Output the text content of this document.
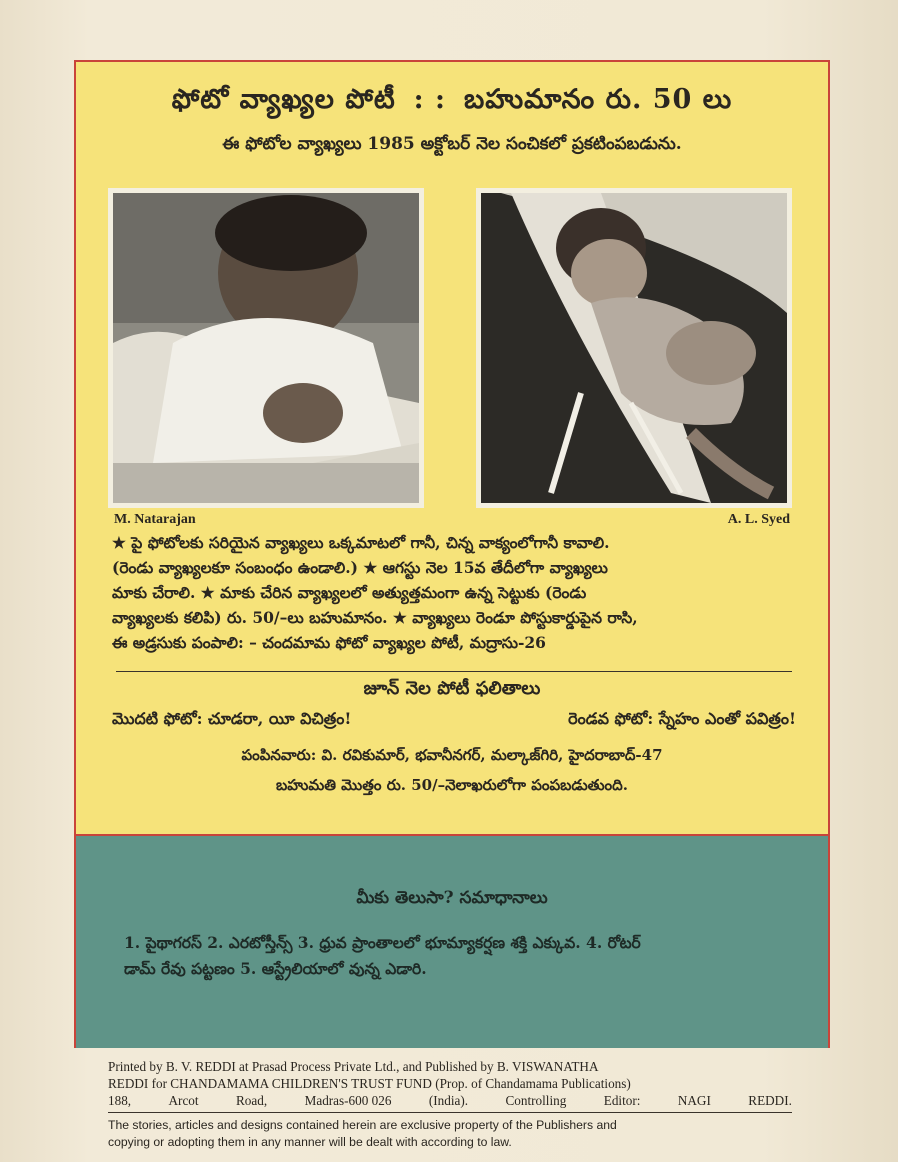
ఫోటో వ్యాఖ్యల పోటీ : : బహుమానం రు. 50 లు
ఈ ఫోటోల వ్యాఖ్యలు 1985 అక్టోబర్ నెల సంచికలో ప్రకటింపబడును.
M. Natarajan	A. L. Syed
★ పై ఫోటోలకు సరియైన వ్యాఖ్యలు ఒక్కమాటలో గానీ, చిన్న వాక్యంలోగానీ కావాలి.
(రెండు వ్యాఖ్యలకూ సంబంధం ఉండాలి.) ★ ఆగస్టు నెల 15వ తేదీలోగా వ్యాఖ్యలు
మాకు చేరాలి. ★ మాకు చేరిన వ్యాఖ్యలలో అత్యుత్తమంగా ఉన్న సెట్టుకు (రెండు
వ్యాఖ్యలకు కలిపి) రు. 50/–లు బహుమానం. ★ వ్యాఖ్యలు రెండూ పోస్టుకార్డుపైన రాసి,
ఈ అడ్రసుకు పంపాలి: – చందమామ ఫోటో వ్యాఖ్యల పోటీ, మద్రాసు-26
జూన్ నెల పోటీ ఫలితాలు
మొదటి ఫోటో: చూడరా, యీ విచిత్రం!	రెండవ ఫోటో: స్నేహం ఎంతో పవిత్రం!
పంపినవారు: వి. రవికుమార్, భవానీనగర్, మల్కాజ్‌గిరి, హైదరాబాద్-47
బహుమతి మొత్తం రు. 50/–నెలాఖరులోగా పంపబడుతుంది.
మీకు తెలుసా? సమాధానాలు
1. పైథాగరస్ 2. ఎరటోస్తీన్స్ 3. ధ్రువ ప్రాంతాలలో భూమ్యాకర్షణ శక్తి ఎక్కువ. 4. రోటర్
డామ్ రేవు పట్టణం 5. ఆస్ట్రేలియాలో వున్న ఎడారి.
Printed by B. V. REDDI at Prasad Process Private Ltd., and Published by B. VISWANATHA
REDDI for CHANDAMAMA CHILDREN'S TRUST FUND (Prop. of Chandamama Publications)
188,	Arcot	Road,	Madras-600 026	(India).	Controlling	Editor:	NAGI	REDDI.
The stories, articles and designs contained herein are exclusive property of the Publishers and
copying or adopting them in any manner will be dealt with according to law.
